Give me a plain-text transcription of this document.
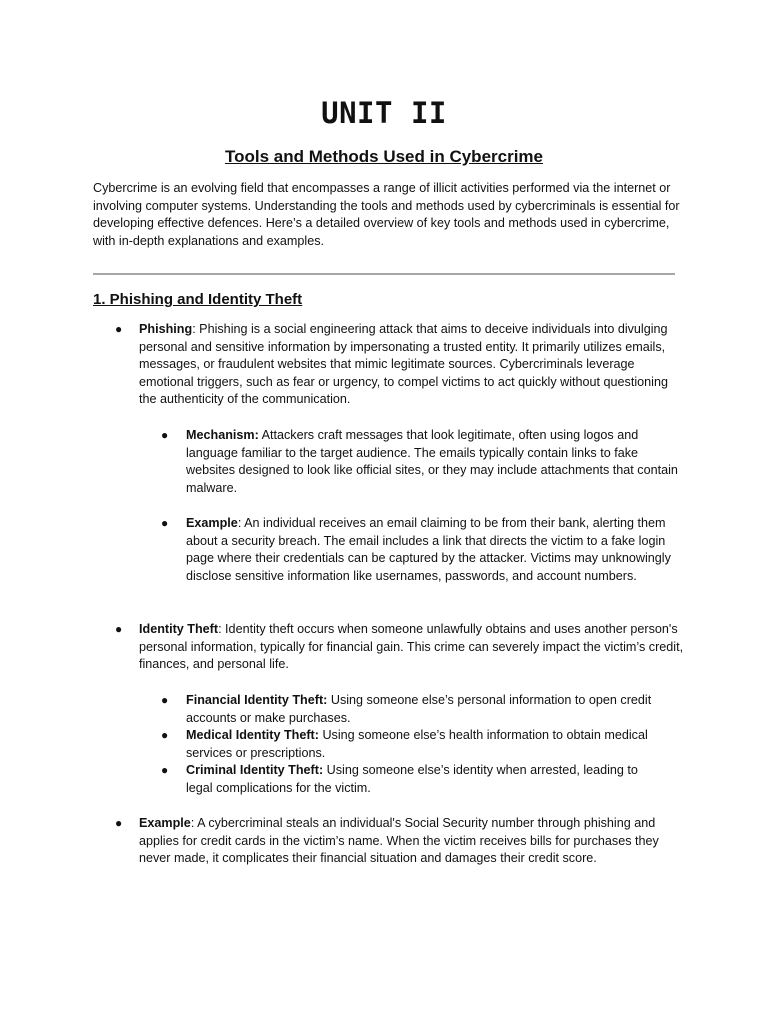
UNIT II
Tools and Methods Used in Cybercrime

Cybercrime is an evolving field that encompasses a range of illicit activities performed via the internet or involving computer systems. Understanding the tools and methods used by cybercriminals is essential for developing effective defences. Here’s a detailed overview of key tools and methods used in cybercrime, with in-depth explanations and examples.

1. Phishing and Identity Theft
● Phishing: Phishing is a social engineering attack that aims to deceive individuals into divulging personal and sensitive information by impersonating a trusted entity. It primarily utilizes emails, messages, or fraudulent websites that mimic legitimate sources. Cybercriminals leverage emotional triggers, such as fear or urgency, to compel victims to act quickly without questioning the authenticity of the communication.

● Mechanism: Attackers craft messages that look legitimate, often using logos and language familiar to the target audience. The emails typically contain links to fake websites designed to look like official sites, or they may include attachments that contain malware.

● Example: An individual receives an email claiming to be from their bank, alerting them about a security breach. The email includes a link that directs the victim to a fake login page where their credentials can be captured by the attacker. Victims may unknowingly disclose sensitive information like usernames, passwords, and account numbers.

● Identity Theft: Identity theft occurs when someone unlawfully obtains and uses another person's personal information, typically for financial gain. This crime can severely impact the victim’s credit, finances, and personal life.

● Financial Identity Theft: Using someone else’s personal information to open credit accounts or make purchases.

● Medical Identity Theft: Using someone else’s health information to obtain medical services or prescriptions.

● Criminal Identity Theft: Using someone else’s identity when arrested, leading to legal complications for the victim.

● Example: A cybercriminal steals an individual's Social Security number through phishing and applies for credit cards in the victim’s name. When the victim receives bills for purchases they never made, it complicates their financial situation and damages their credit score.
